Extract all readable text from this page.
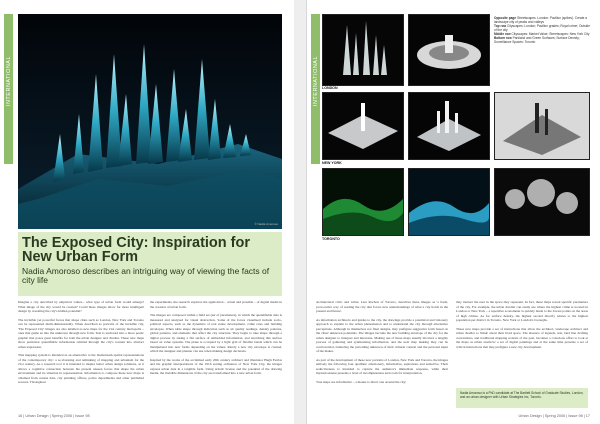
INTERNATIONAL	INTERNATIONAL
© Nadia Amoroso
The Exposed City: Inspiration for New Urban Form
Nadia Amoroso describes an intriguing way of viewing the facts of city life

Imagine a city described by empirical values... what type of urban form would emerge? What image of the city would be created? Could these images allow for more intelligent design by revealing the city's hidden potential?

The invisible yet powerful forces that shape cities such as London, New York and Toronto can be represented multi-dimensionally. When described as portraits of the invisible city, 'The Exposed City' images are also labelled as new maps for the 21st century metropolis – ones that guide us into the unknown through new form. Text is anchored into a more poetic graphic that poses great benefits for both the urban designer and dweller. These new maps show particular quantifiable information omitted through the city's content into abstract urban expression.

This mapping system is intended as an alternative to the mainstream spatial representations of the contemporary city: a re-visioning and rethinking of mapping and urbanism for the 21st century. As a research tool it is intended to inspire better urban design solutions, as it allows a cognitive connection between the present unseen forces that shape the urban environment and its situation in representation. Information to compose these new maps is obtained from census data, city planning offices, police departments and other published sources. Throughout

the experiments, the research explores the application – actual and possible – of digital media in the creation of urban form.

The images are composed within a field set (set of parameters), in which the quantifiable data is measured and analysed for visual abstraction. Some of the forces visualised include socio-political aspects, such as the dynamics of real estate development, crime rates and building envelopes. When table shape through indication such as air quality readings, density patterns, global patterns, and elements that affect the city structure. They begin to take shape through a digital process by taking a flat surface of embedded information, and stretching this surface based on value systems. The plane is occupied by a light grid of flexible bands which can be manipulated into new forms depending on the values. Rarely a new city envelope is created, which the designer and planner can use when making design decisions.

Inspired by the works of the acclaimed early 20th century architect and illustrator Hugh Ferriss and his graphic interpretations of the 1916 zoning ordinance of New York City, the images express urban data in a tangible form. Using artistic license and the potential of the drawing media, the invisible dimensions of the city are transformed into a new urban form.

LONDON
NEW YORK
TORONTO
Opposite page Streetscapes. London: Pavilion (spikes). Create a landscape city of peaks and valleys
Top row Cityscapes: London; Pavilion grades; Royal crime; Outside of the city
Middle row Cityscapes: Market Value; Streetscapes: New York City
Bottom row Parkland and Green Surfaces; Surface Density; Surveillance Spaces: Toronto

Architectural critic and writer, Lisa Rochon of Toronto, describes these images as 'a fresh, provocative way of reading the city that forces new understandings of what a city holds in the present and future'.

As information architects and guides to the city, the drawings provide a polemical and visionary approach to explain to the urban phenomenon and to understand the city through alternative perceptions. Although in themselves not final designs, they prefigure suggestive form based on the cities' unknown potentials. The images become the new building envelope of the city for the urban designer to interpret and intervene. Making use of these maps usually involves a lengthy process of gathering and synthesising information, and the next map making they can be controversial, balancing the prevailing unknown of their cultural context and the personal input of the maker.

As part of the development of these new portraits of London, New York and Toronto, the images embody the following four qualities: emotionary, informative, aspirations and seductive. Their seductiveness is intended to capture the audience's immediate response, while their mysteriousness presents a level of incompleteness and room for interpretation.

True maps are informative – a means to direct one around the city;

they instruct the user in the space they represent. In fact, these maps reveal specific parameters of the city. For example, the urban dweller can easily see where the highest crime is located in London or New York – a repetitive econometer is quickly made to the lowest points on the areas of high crimes. As for surface density, the highest second directly relates to the highest population per district in Toronto, New York or London's boroughs.

These new maps provide a set of instructions that allow the architect, landscape architect and urban dweller to 'think' about their lived space. The absence of legends, text, land line drafting conventions, and traditional mapping notions of the past, becomes a conscious effort to look at the maps as urban artefacts: a set of digital paintings and at the same time presents a set of critical instructions that may prefigure a new city development.

Nadia Amoroso is a PhD candidate at The Bartlett School of Graduate Studies, London, and an urban designer with Urban Strategies Inc, Toronto.
16 | Urban Design | Spring 2006 | Issue 98	Urban Design | Spring 2006 | Issue 98 | 17
